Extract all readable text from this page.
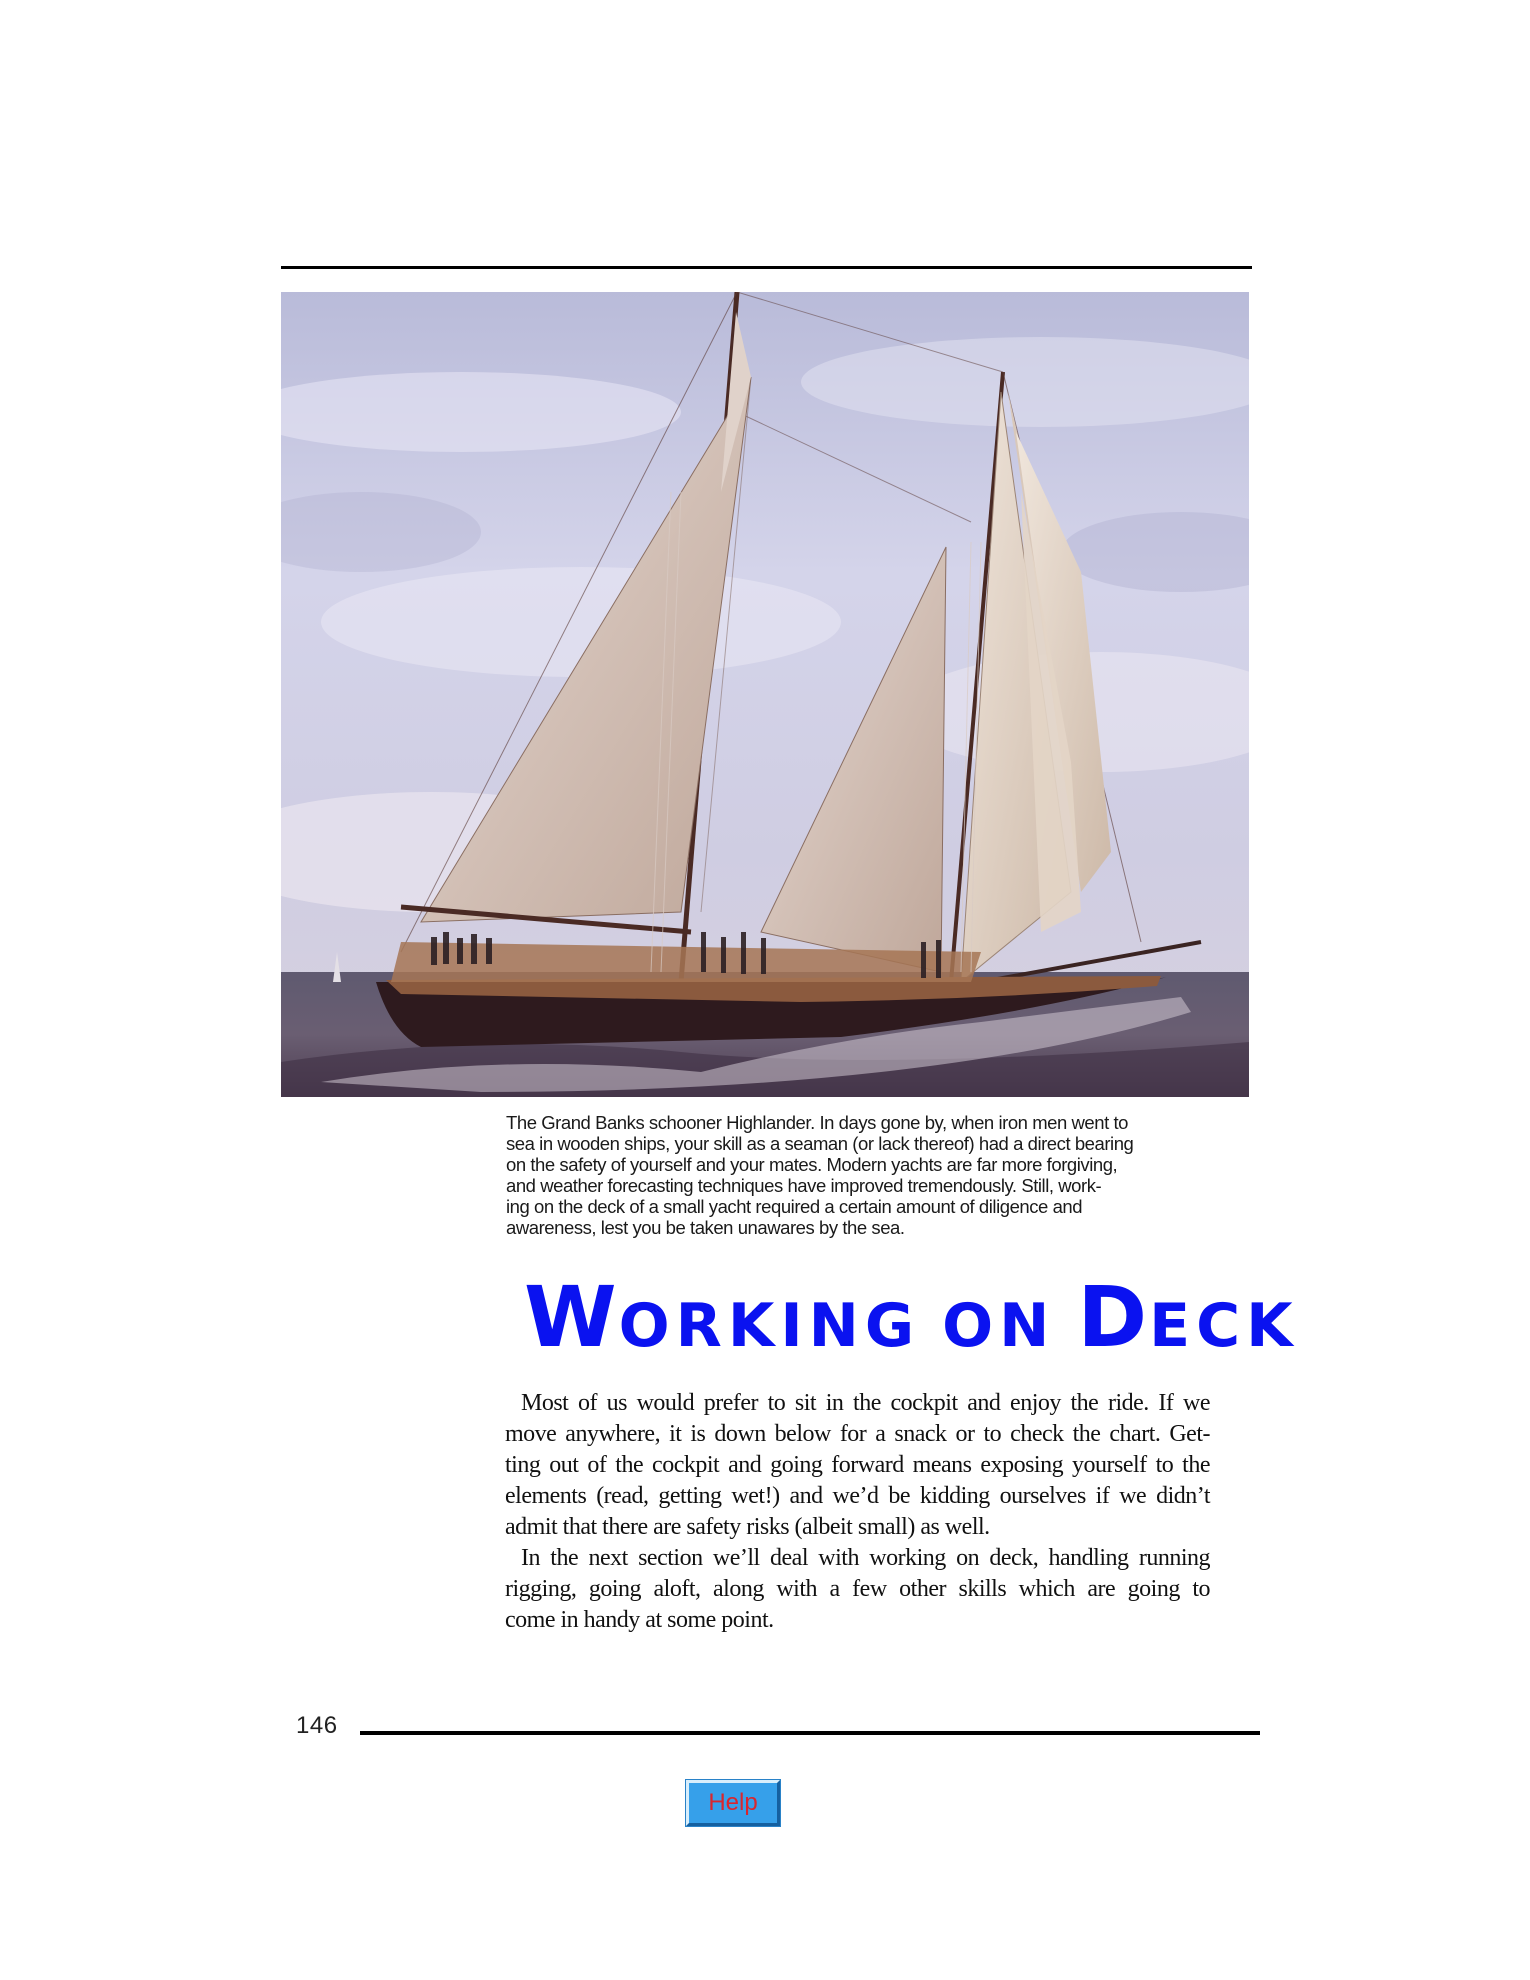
The Grand Banks schooner Highlander. In days gone by, when iron men went to
sea in wooden ships, your skill as a seaman (or lack thereof) had a direct bearing
on the safety of yourself and your mates. Modern yachts are far more forgiving,
and weather forecasting techniques have improved tremendously. Still, work-
ing on the deck of a small yacht required a certain amount of diligence and
awareness, lest you be taken unawares by the sea.
WORKING ON DECK
Most of us would prefer to sit in the cockpit and enjoy the ride. If we
move anywhere, it is down below for a snack or to check the chart. Get-
ting out of the cockpit and going forward means exposing yourself to the
elements (read, getting wet!) and we’d be kidding ourselves if we didn’t
admit that there are safety risks (albeit small) as well.
In the next section we’ll deal with working on deck, handling running
rigging, going aloft, along with a few other skills which are going to
come in handy at some point.
146
Help
